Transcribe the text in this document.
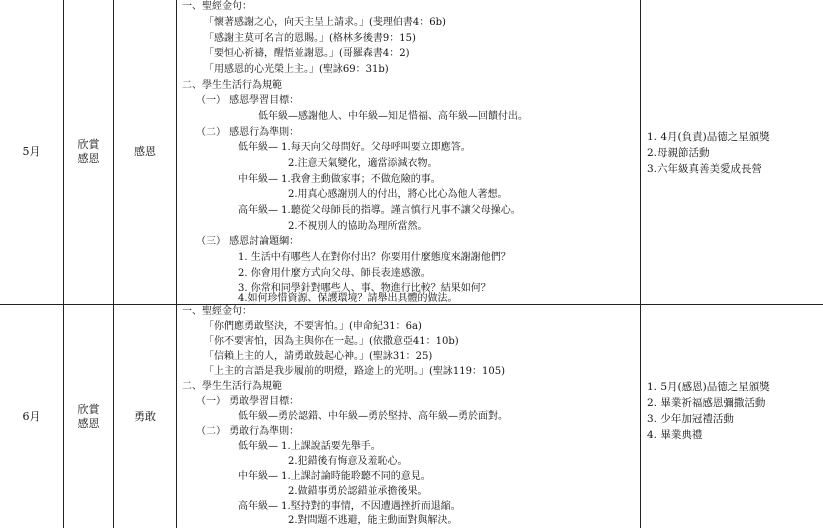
5月
欣賞感恩
感恩
一、聖經金句：
「懷著感謝之心，向天主呈上請求。」(斐理伯書4：6b)
「感謝主莫可名言的恩賜。」(格林多後書9：15)
「要恒心祈禱，醒悟並謝恩。」(哥羅森書4：2)
「用感恩的心光榮上主。」(聖詠69：31b)
二、學生生活行為規範
（一） 感恩學習目標：
低年級—感謝他人、中年級—知足惜福、高年級—回饋付出。
（二） 感恩行為準則：
低年級— 1.每天向父母問好。父母呼叫要立即應答。
2.注意天氣變化，適當添減衣物。
中年級— 1.我會主動做家事；不做危險的事。
2.用真心感謝別人的付出，將心比心為他人著想。
高年級— 1.聽從父母師長的指導。謹言慎行凡事不讓父母操心。
2.不視別人的協助為理所當然。
（三） 感恩討論題綱：
1. 生活中有哪些人在對你付出？你要用什麼態度來謝謝他們？
2. 你會用什麼方式向父母、師長表達感激。
3. 你常和同學針對哪些人、事、物進行比較？結果如何？
4.如何珍惜資源、保護環境？請舉出具體的做法。
1. 4月(負責)品德之星頒獎
2.母親節活動
3.六年級真善美愛成長營
6月
欣賞感恩
勇敢
一、聖經金句：
「你們應勇敢堅決，不要害怕。」(申命紀31：6a)
「你不要害怕，因為主與你在一起。」(依撒意亞41：10b)
「信賴上主的人，請勇敢鼓起心神。」(聖詠31：25)
「上主的言語是我步履前的明燈，路途上的光明。」(聖詠119：105)
二、學生生活行為規範
（一） 勇敢學習目標：
低年級—勇於認錯、中年級—勇於堅持、高年級—勇於面對。
（二） 勇敢行為準則：
低年級— 1.上課說話要先舉手。
2.犯錯後有悔意及羞恥心。
中年級— 1.上課討論時能聆聽不同的意見。
2.做錯事勇於認錯並承擔後果。
高年級— 1.堅持對的事情，不因遭遇挫折而退縮。
2.對問題不逃避，能主動面對與解決。
1. 5月(感恩)品德之星頒獎
2. 畢業祈福感恩彌撒活動
3. 少年加冠禮活動
4. 畢業典禮
